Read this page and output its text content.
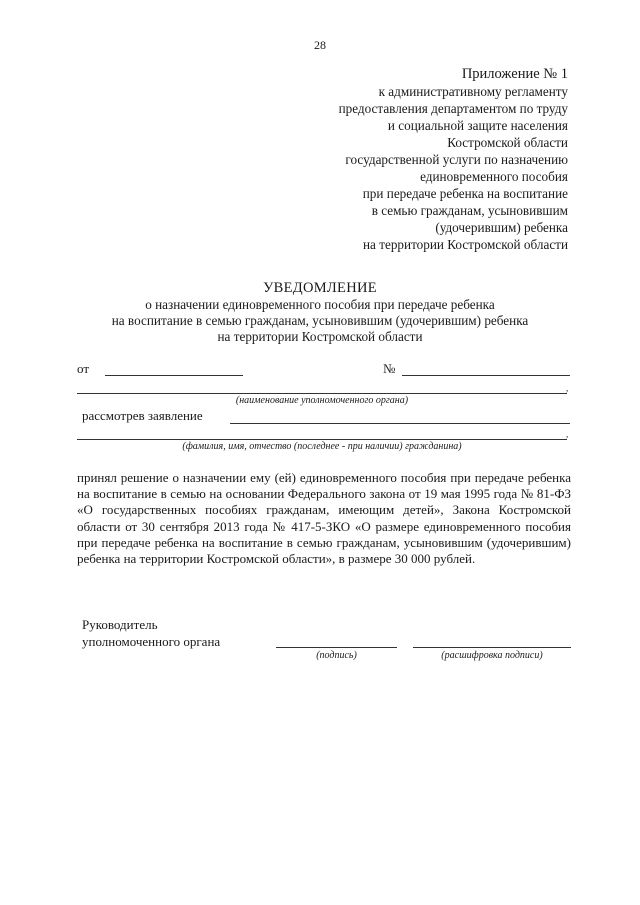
28
Приложение № 1
к административному регламенту
предоставления департаментом по труду
и социальной защите населения
Костромской области
государственной услуги по назначению
единовременного пособия
при передаче ребенка на воспитание
в семью гражданам, усыновившим
(удочерившим) ребенка
на территории Костромской области
УВЕДОМЛЕНИЕ
о назначении единовременного пособия при передаче ребенка
на воспитание в семью гражданам, усыновившим (удочерившим) ребенка
на территории Костромской области
от	№
,
(наименование уполномоченного органа)
рассмотрев заявление
,
(фамилия, имя, отчество (последнее - при наличии) гражданина)
принял решение о назначении ему (ей) единовременного пособия при передаче ребенка на воспитание в семью на основании Федерального закона от 19 мая 1995 года № 81-ФЗ «О государственных пособиях гражданам, имеющим детей», Закона Костромской области от 30 сентября 2013 года № 417-5-ЗКО «О размере единовременного пособия при передаче ребенка на воспитание в семью гражданам, усыновившим (удочерившим) ребенка на территории Костромской области», в размере 30 000 рублей.
Руководитель
уполномоченного органа
(подпись)	(расшифровка подписи)
